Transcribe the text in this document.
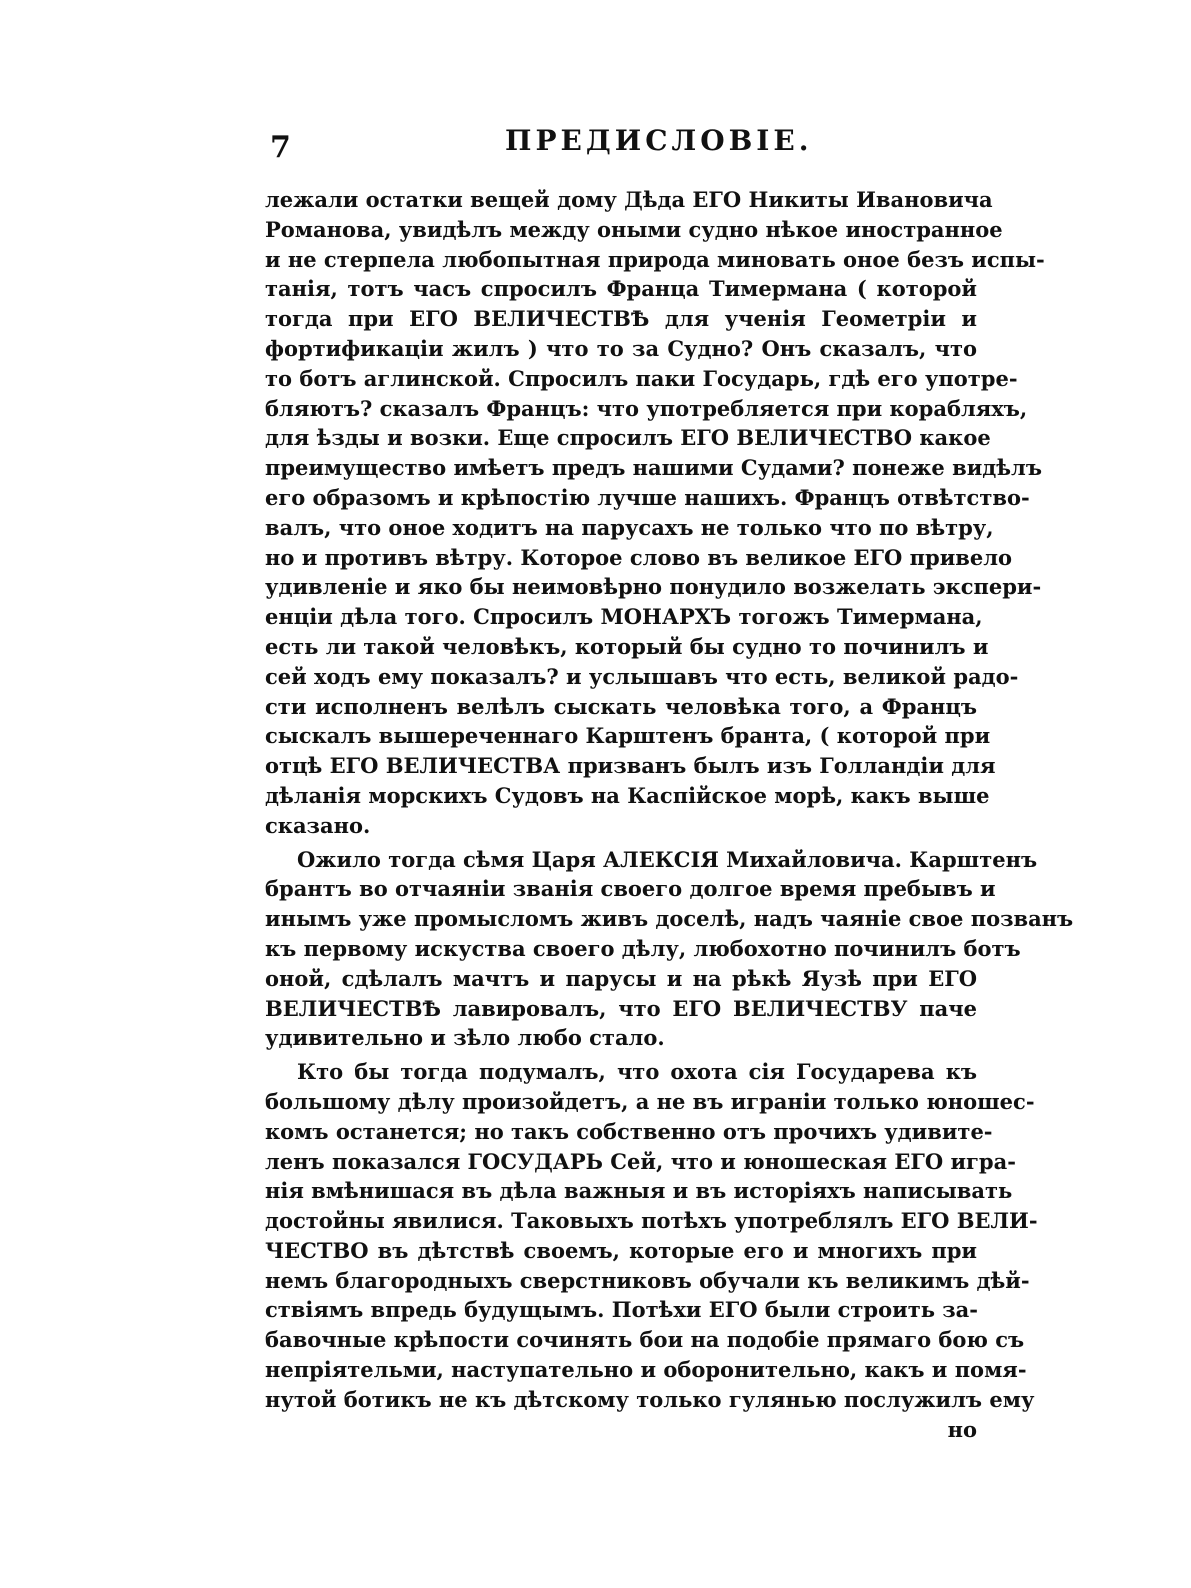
7	ПРЕДИСЛОВІЕ.
лежали остатки вещей дому Дѣда ЕГО Никиты Ивановича
Романова, увидѣлъ между оными судно нѣкое иностранное
и не стерпела любопытная природа миновать оное безъ испы-
танія, тотъ часъ спросилъ Франца Тимермана ( которой
тогда при ЕГО ВЕЛИЧЕСТВѢ для ученія Геометріи и
фортификаціи жилъ ) что то за Судно? Онъ сказалъ, что
то ботъ аглинской. Спросилъ паки Государь, гдѣ его употре-
бляютъ? сказалъ Францъ: что употребляется при корабляхъ,
для ѣзды и возки. Еще спросилъ ЕГО ВЕЛИЧЕСТВО какое
преимущество имѣетъ предъ нашими Судами? понеже видѣлъ
его образомъ и крѣпостію лучше нашихъ. Францъ отвѣтство-
валъ, что оное ходитъ на парусахъ не только что по вѣтру,
но и противъ вѣтру. Которое слово въ великое ЕГО привело
удивленіе и яко бы неимовѣрно понудило возжелать экспери-
енціи дѣла того. Спросилъ МОНАРХЪ тогожъ Тимермана,
есть ли такой человѣкъ, который бы судно то починилъ и
сей ходъ ему показалъ? и услышавъ что есть, великой радо-
сти исполненъ велѣлъ сыскать человѣка того, а Францъ
сыскалъ вышереченнаго Карштенъ бранта, ( которой при
отцѣ ЕГО ВЕЛИЧЕСТВА призванъ былъ изъ Голландіи для
дѣланія морскихъ Судовъ на Каспійское морѣ, какъ выше
сказано.
Ожило тогда сѣмя Царя АЛЕКСІЯ Михайловича. Карштенъ
брантъ во отчаяніи званія своего долгое время пребывъ и
инымъ уже промысломъ живъ доселѣ, надъ чаяніе свое позванъ
къ первому искуства своего дѣлу, любохотно починилъ ботъ
оной, сдѣлалъ мачтъ и парусы и на рѣкѣ Яузѣ при ЕГО
ВЕЛИЧЕСТВѢ лавировалъ, что ЕГО ВЕЛИЧЕСТВУ паче
удивительно и зѣло любо стало.
Кто бы тогда подумалъ, что охота сія Государева къ
большому дѣлу произойдетъ, а не въ играніи только юношес-
комъ останется; но такъ собственно отъ прочихъ удивите-
ленъ показался ГОСУДАРЬ Сей, что и юношеская ЕГО игра-
нія вмѣнишася въ дѣла важныя и въ исторіяхъ написывать
достойны явилися. Таковыхъ потѣхъ употреблялъ ЕГО ВЕЛИ-
ЧЕСТВО въ дѣтствѣ своемъ, которые его и многихъ при
немъ благородныхъ сверстниковъ обучали къ великимъ дѣй-
ствіямъ впредь будущымъ. Потѣхи ЕГО были строить за-
бавочные крѣпости сочинять бои на подобіе прямаго бою съ
непріятельми, наступательно и оборонительно, какъ и помя-
нутой ботикъ не къ дѣтскому только гулянью послужилъ ему
но
